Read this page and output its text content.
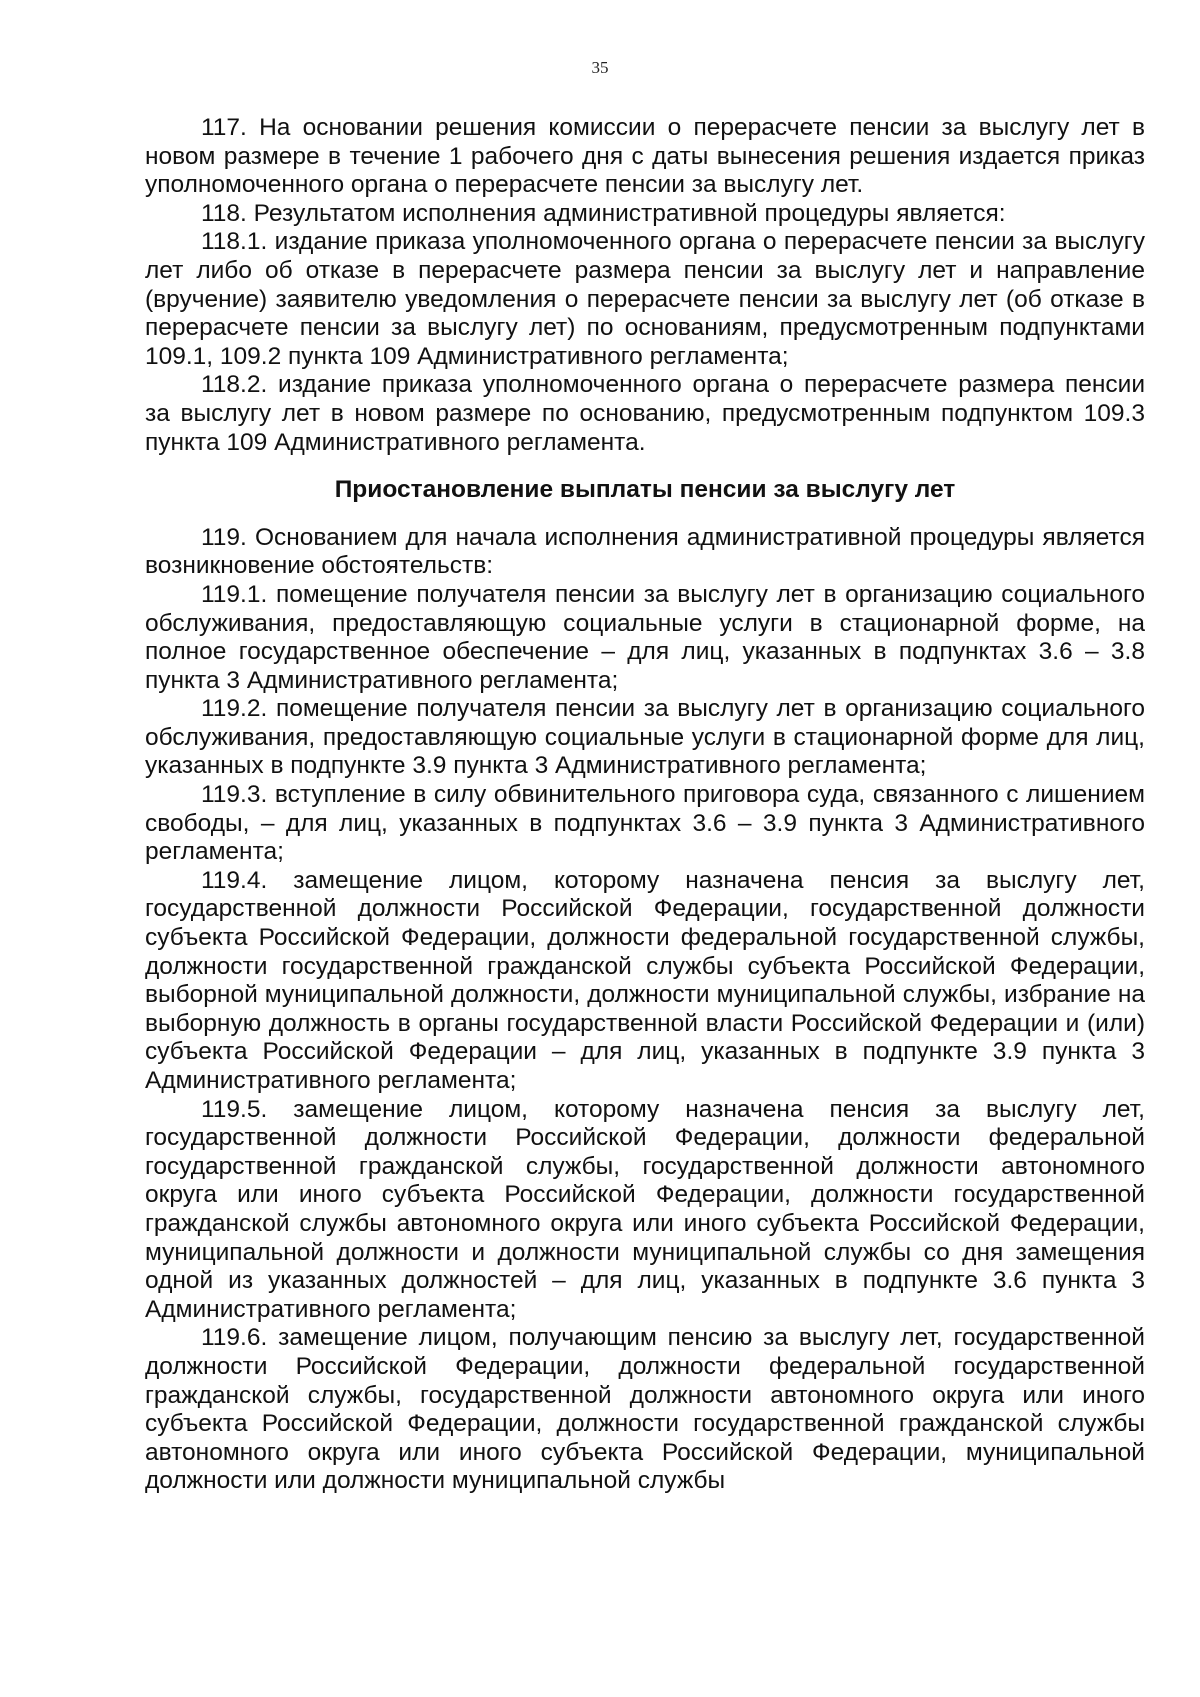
35

117. На основании решения комиссии о перерасчете пенсии за выслугу лет в новом размере в течение 1 рабочего дня с даты вынесения решения издается приказ уполномоченного органа о перерасчете пенсии за выслугу лет.

118. Результатом исполнения административной процедуры является:

118.1. издание приказа уполномоченного органа о перерасчете пенсии за выслугу лет либо об отказе в перерасчете размера пенсии за выслугу лет и направление (вручение) заявителю уведомления о перерасчете пенсии за выслугу лет (об отказе в перерасчете пенсии за выслугу лет) по основаниям, предусмотренным подпунктами 109.1, 109.2 пункта 109 Административного регламента;

118.2. издание приказа уполномоченного органа о перерасчете размера пенсии за выслугу лет в новом размере по основанию, предусмотренным подпунктом 109.3 пункта 109 Административного регламента.

Приостановление выплаты пенсии за выслугу лет

119. Основанием для начала исполнения административной процедуры является возникновение обстоятельств:

119.1. помещение получателя пенсии за выслугу лет в организацию социального обслуживания, предоставляющую социальные услуги в стационарной форме, на полное государственное обеспечение – для лиц, указанных в подпунктах 3.6 – 3.8 пункта 3 Административного регламента;

119.2. помещение получателя пенсии за выслугу лет в организацию социального обслуживания, предоставляющую социальные услуги в стационарной форме для лиц, указанных в подпункте 3.9 пункта 3 Административного регламента;

119.3. вступление в силу обвинительного приговора суда, связанного с лишением свободы, – для лиц, указанных в подпунктах 3.6 – 3.9 пункта 3 Административного регламента;

119.4. замещение лицом, которому назначена пенсия за выслугу лет, государственной должности Российской Федерации, государственной должности субъекта Российской Федерации, должности федеральной государственной службы, должности государственной гражданской службы субъекта Российской Федерации, выборной муниципальной должности, должности муниципальной службы, избрание на выборную должность в органы государственной власти Российской Федерации и (или) субъекта Российской Федерации – для лиц, указанных в подпункте 3.9 пункта 3 Административного регламента;

119.5. замещение лицом, которому назначена пенсия за выслугу лет, государственной должности Российской Федерации, должности федеральной государственной гражданской службы, государственной должности автономного округа или иного субъекта Российской Федерации, должности государственной гражданской службы автономного округа или иного субъекта Российской Федерации, муниципальной должности и должности муниципальной службы со дня замещения одной из указанных должностей – для лиц, указанных в подпункте 3.6 пункта 3 Административного регламента;

119.6. замещение лицом, получающим пенсию за выслугу лет, государственной должности Российской Федерации, должности федеральной государственной гражданской службы, государственной должности автономного округа или иного субъекта Российской Федерации, должности государственной гражданской службы автономного округа или иного субъекта Российской Федерации, муниципальной должности или должности муниципальной службы
